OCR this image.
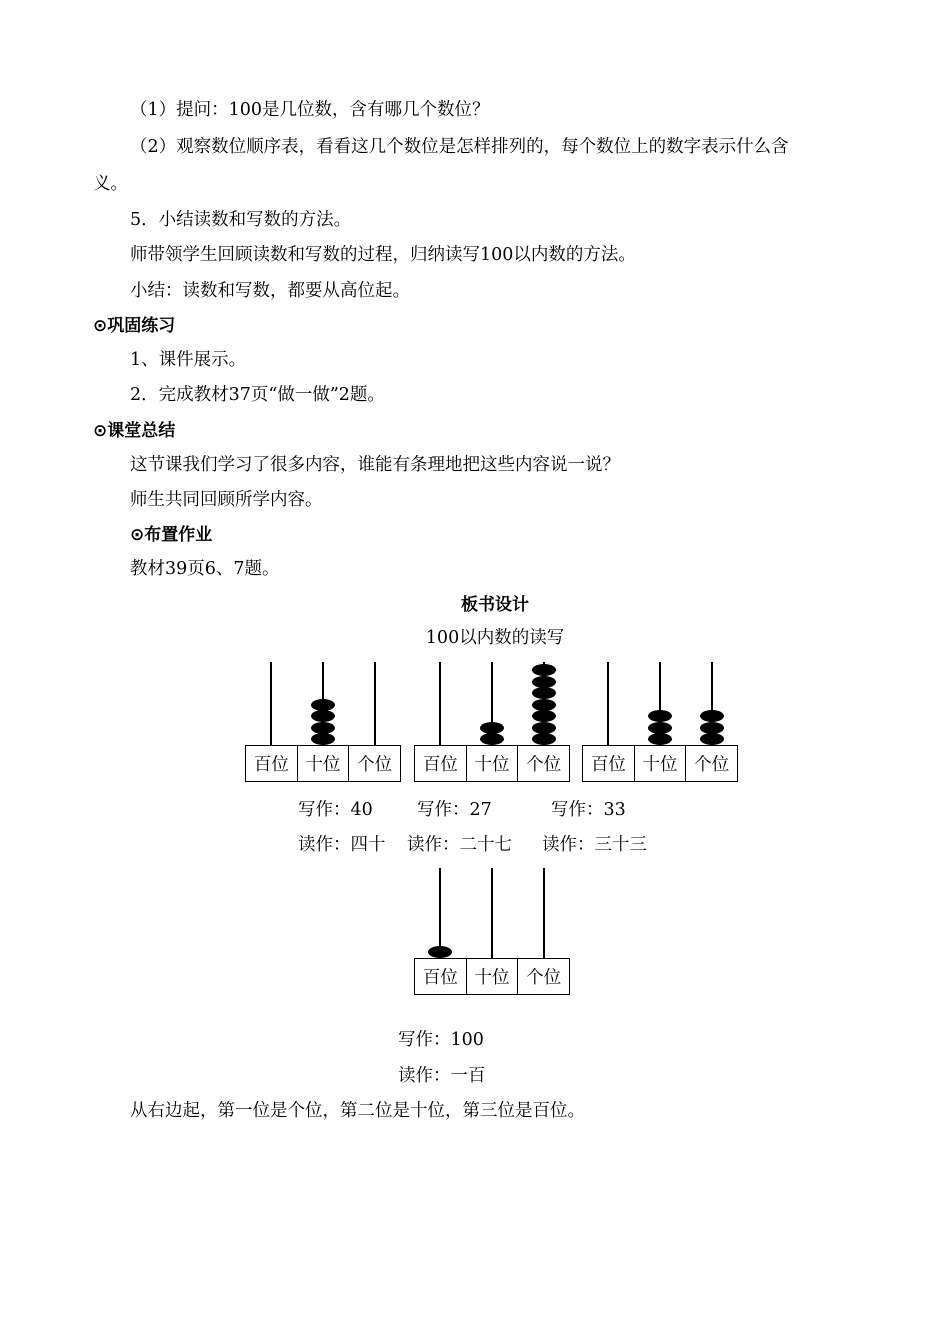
（1）提问：100是几位数，含有哪几个数位？
（2）观察数位顺序表，看看这几个数位是怎样排列的，每个数位上的数字表示什么含
义。
5．小结读数和写数的方法。
师带领学生回顾读数和写数的过程，归纳读写100以内数的方法。
小结：读数和写数，都要从高位起。
⊙巩固练习
1、课件展示。
2．完成教材37页“做一做”2题。
⊙课堂总结
这节课我们学习了很多内容，谁能有条理地把这些内容说一说？
师生共同回顾所学内容。
⊙布置作业
教材39页6、7题。
板书设计
100以内数的读写
百位 十位 个位	百位 十位 个位	百位 十位 个位
百位 十位 个位
写作：40	写作：27	写作：33
读作：四十 读作：二十七 读作：三十三
写作：100
读作：一百
从右边起，第一位是个位，第二位是十位，第三位是百位。
